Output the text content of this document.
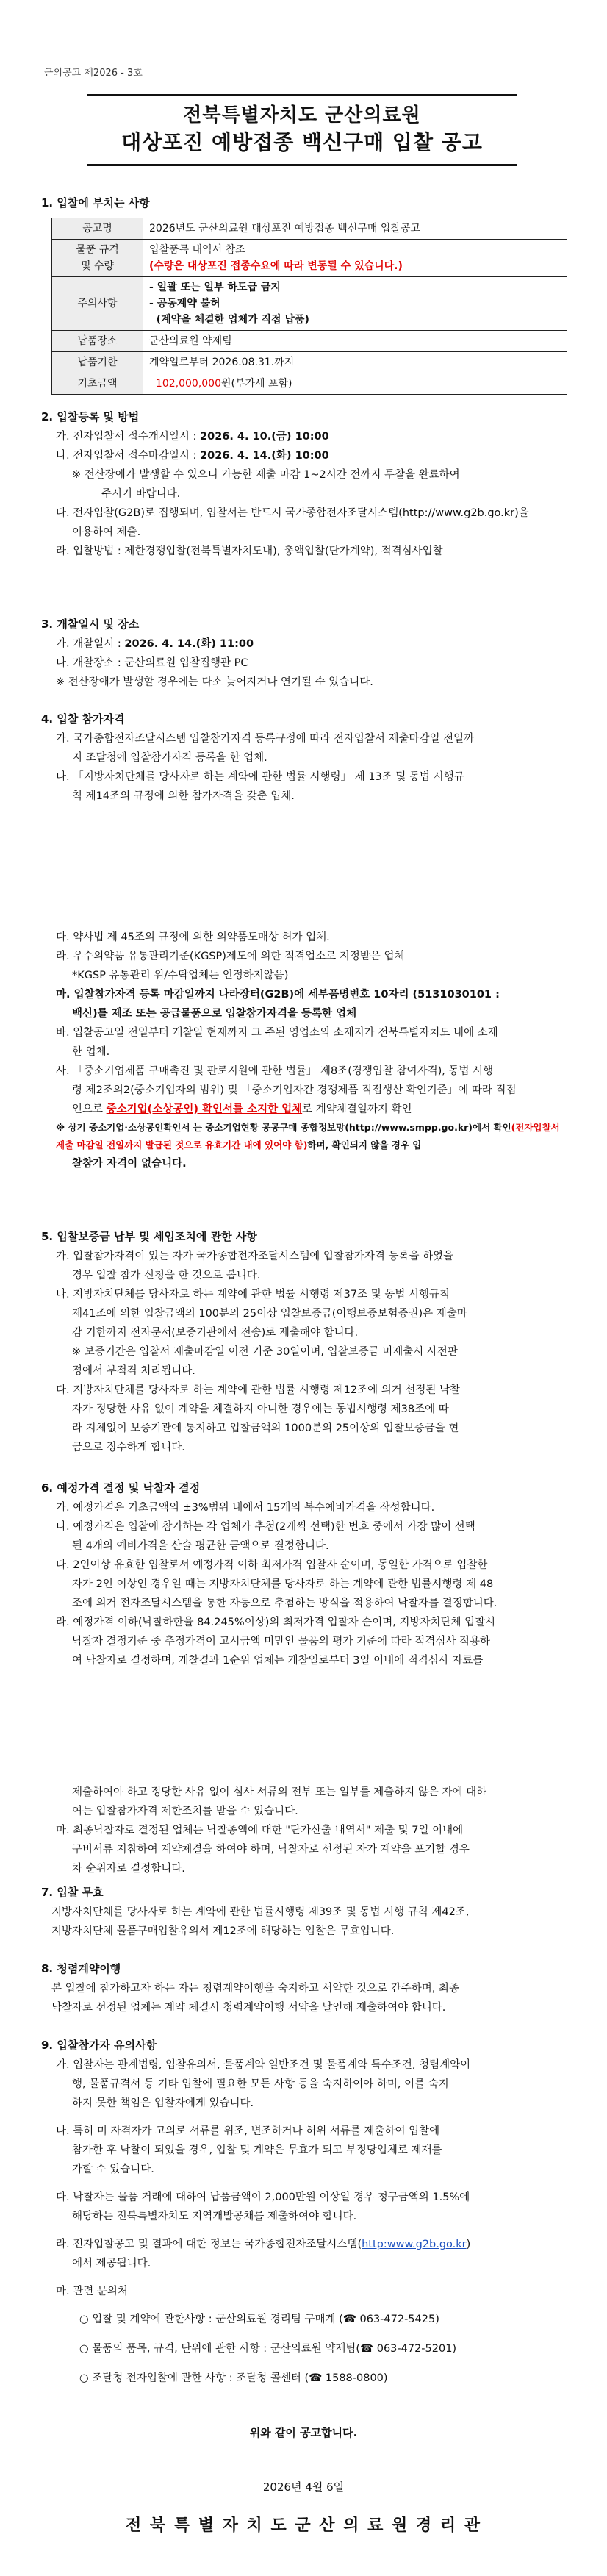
군의공고 제2026 - 3호
전북특별자치도 군산의료원
대상포진 예방접종 백신구매 입찰 공고
1. 입찰에 부치는 사항
공고명	2026년도 군산의료원 대상포진 예방접종 백신구매 입찰공고
물품 규격
및 수량	입찰품목 내역서 참조
(수량은 대상포진 접종수요에 따라 변동될 수 있습니다.)
주의사항	- 일괄 또는 일부 하도급 금지
- 공동계약 불허
(계약을 체결한 업체가 직접 납품)
납품장소	군산의료원 약제팀
납품기한	계약일로부터 2026.08.31.까지
기초금액	102,000,000원(부가세 포함)
2. 입찰등록 및 방법
가. 전자입찰서 접수개시일시 : 2026. 4. 10.(금) 10:00
나. 전자입찰서 접수마감일시 : 2026. 4. 14.(화) 10:00
※ 전산장애가 발생할 수 있으니 가능한 제출 마감 1~2시간 전까지 투찰을 완료하여
주시기 바랍니다.
다. 전자입찰(G2B)로 집행되며, 입찰서는 반드시 국가종합전자조달시스템(http://www.g2b.go.kr)을
이용하여 제출.
라. 입찰방법 : 제한경쟁입찰(전북특별자치도내), 총액입찰(단가계약), 적격심사입찰
3. 개찰일시 및 장소
가. 개찰일시 : 2026. 4. 14.(화) 11:00
나. 개찰장소 : 군산의료원 입찰집행관 PC
※ 전산장애가 발생할 경우에는 다소 늦어지거나 연기될 수 있습니다.
4. 입찰 참가자격
가. 국가종합전자조달시스템 입찰참가자격 등록규정에 따라 전자입찰서 제출마감일 전일까
지 조달청에 입찰참가자격 등록을 한 업체.
나. 「지방자치단체를 당사자로 하는 계약에 관한 법률 시행령」 제 13조 및 동법 시행규
칙 제14조의 규정에 의한 참가자격을 갖춘 업체.
다. 약사법 제 45조의 규정에 의한 의약품도매상 허가 업체.
라. 우수의약품 유통관리기준(KGSP)제도에 의한 적격업소로 지정받은 업체
*KGSP 유통관리 위/수탁업체는 인정하지않음)
마. 입찰참가자격 등록 마감일까지 나라장터(G2B)에 세부품명번호 10자리 (5131030101 :
백신)를 제조 또는 공급물품으로 입찰참가자격을 등록한 업체
바. 입찰공고일 전일부터 개찰일 현재까지 그 주된 영업소의 소재지가 전북특별자치도 내에 소재
한 업체.
사. 「중소기업제품 구매촉진 및 판로지원에 관한 법률」 제8조(경쟁입찰 참여자격), 동법 시행
령 제2조의2(중소기업자의 범위) 및 「중소기업자간 경쟁제품 직접생산 확인기준」에 따라 직접
인으로 중소기업(소상공인) 확인서를 소지한 업체로 계약체결일까지 확인
※ 상기 중소기업·소상공인확인서 는 중소기업현황 공공구매 종합정보망(http://www.smpp.go.kr)에서 확인(전자입찰서 제출 마감일 전일까지 발급된 것으로 유효기간 내에 있어야 함)하며, 확인되지 않을 경우 입
찰참가 자격이 없습니다.
5. 입찰보증금 납부 및 세입조치에 관한 사항
가. 입찰참가자격이 있는 자가 국가종합전자조달시스템에 입찰참가자격 등록을 하였을
경우 입찰 참가 신청을 한 것으로 봅니다.
나. 지방자치단체를 당사자로 하는 계약에 관한 법률 시행령 제37조 및 동법 시행규칙
제41조에 의한 입찰금액의 100분의 25이상 입찰보증금(이행보증보험증권)은 제출마
감 기한까지 전자문서(보증기관에서 전송)로 제출해야 합니다.
※ 보증기간은 입찰서 제출마감일 이전 기준 30일이며, 입찰보증금 미제출시 사전판
정에서 부적격 처리됩니다.
다. 지방자치단체를 당사자로 하는 계약에 관한 법률 시행령 제12조에 의거 선정된 낙찰
자가 정당한 사유 없이 계약을 체결하지 아니한 경우에는 동법시행령 제38조에 따
라 지체없이 보증기관에 통지하고 입찰금액의 1000분의 25이상의 입찰보증금을 현
금으로 징수하게 합니다.
6. 예정가격 결정 및 낙찰자 결정
가. 예정가격은 기초금액의 ±3%범위 내에서 15개의 복수예비가격을 작성합니다.
나. 예정가격은 입찰에 참가하는 각 업체가 추첨(2개씩 선택)한 번호 중에서 가장 많이 선택
된 4개의 예비가격을 산술 평균한 금액으로 결정합니다.
다. 2인이상 유효한 입찰로서 예정가격 이하 최저가격 입찰자 순이며, 동일한 가격으로 입찰한
자가 2인 이상인 경우일 때는 지방자치단체를 당사자로 하는 계약에 관한 법률시행령 제 48
조에 의거 전자조달시스템을 통한 자동으로 추첨하는 방식을 적용하여 낙찰자를 결정합니다.
라. 예정가격 이하(낙찰하한율 84.245%이상)의 최저가격 입찰자 순이며, 지방자치단체 입찰시
낙찰자 결정기준 중 추정가격이 고시금액 미만인 물품의 평가 기준에 따라 적격심사 적용하
여 낙찰자로 결정하며, 개찰결과 1순위 업체는 개찰일로부터 3일 이내에 적격심사 자료를
제출하여야 하고 정당한 사유 없이 심사 서류의 전부 또는 일부를 제출하지 않은 자에 대하
여는 입찰참가자격 제한조치를 받을 수 있습니다.
마. 최종낙찰자로 결정된 업체는 낙찰종액에 대한 "단가산출 내역서" 제출 및 7일 이내에
구비서류 지참하여 계약체결을 하여야 하며, 낙찰자로 선정된 자가 계약을 포기할 경우
차 순위자로 결정합니다.
7. 입찰 무효
지방자치단체를 당사자로 하는 계약에 관한 법률시행령 제39조 및 동법 시행 규칙 제42조,
지방자치단체 물품구매입찰유의서 제12조에 해당하는 입찰은 무효입니다.
8. 청렴계약이행
본 입찰에 참가하고자 하는 자는 청렴계약이행을 숙지하고 서약한 것으로 간주하며, 최종
낙찰자로 선정된 업체는 계약 체결시 청렴계약이행 서약을 날인해 제출하여야 합니다.
9. 입찰참가자 유의사항
가. 입찰자는 관계법령, 입찰유의서, 물품계약 일반조건 및 물품계약 특수조건, 청렴계약이
행, 물품규격서 등 기타 입찰에 필요한 모든 사항 등을 숙지하여야 하며, 이를 숙지
하지 못한 책임은 입찰자에게 있습니다.
나. 특히 미 자격자가 고의로 서류를 위조, 변조하거나 허위 서류를 제출하여 입찰에
참가한 후 낙찰이 되었을 경우, 입찰 및 계약은 무효가 되고 부정당업체로 제재를
가할 수 있습니다.
다. 낙찰자는 물품 거래에 대하여 납품금액이 2,000만원 이상일 경우 청구금액의 1.5%에
해당하는 전북특별자치도 지역개발공채를 제출하여야 합니다.
라. 전자입찰공고 및 결과에 대한 정보는 국가종합전자조달시스템(http:www.g2b.go.kr)
에서 제공됩니다.
마. 관련 문의처
○ 입찰 및 계약에 관한사항 : 군산의료원 경리팀 구매계 (☎ 063-472-5425)
○ 물품의 품목, 규격, 단위에 관한 사항 : 군산의료원 약제팀(☎ 063-472-5201)
○ 조달청 전자입찰에 관한 사항 : 조달청 콜센터 (☎ 1588-0800)
위와 같이 공고합니다.
2026년 4월 6일
전 북 특 별 자 치 도 군 산 의 료 원 경 리 관
